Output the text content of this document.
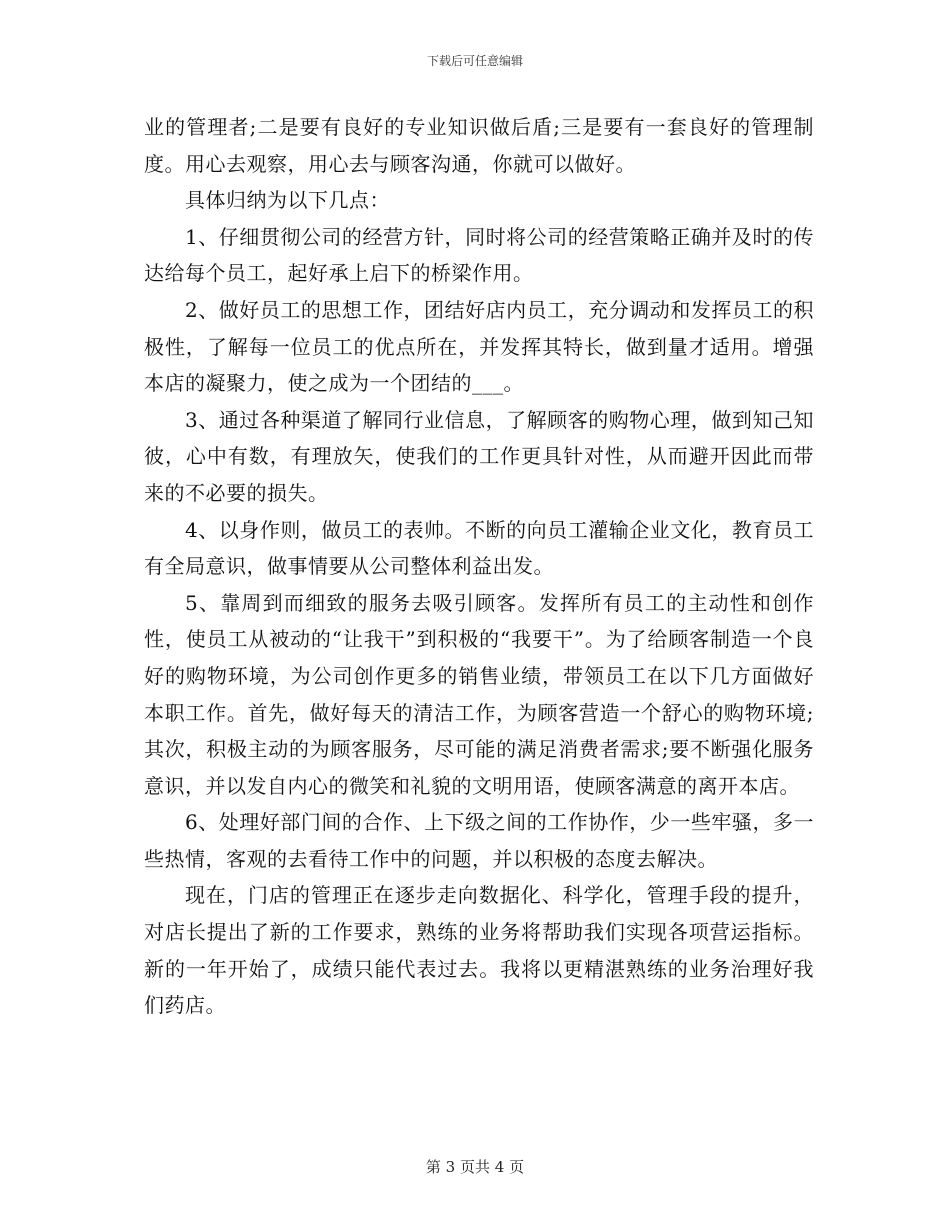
下载后可任意编辑

业的管理者;二是要有良好的专业知识做后盾;三是要有一套良好的管理制度。用心去观察，用心去与顾客沟通，你就可以做好。

具体归纳为以下几点：

1、仔细贯彻公司的经营方针，同时将公司的经营策略正确并及时的传达给每个员工，起好承上启下的桥梁作用。

2、做好员工的思想工作，团结好店内员工，充分调动和发挥员工的积极性，了解每一位员工的优点所在，并发挥其特长，做到量才适用。增强本店的凝聚力，使之成为一个团结的___。

3、通过各种渠道了解同行业信息，了解顾客的购物心理，做到知己知彼，心中有数，有理放矢，使我们的工作更具针对性，从而避开因此而带来的不必要的损失。

4、以身作则，做员工的表帅。不断的向员工灌输企业文化，教育员工有全局意识，做事情要从公司整体利益出发。

5、靠周到而细致的服务去吸引顾客。发挥所有员工的主动性和创作性，使员工从被动的“让我干”到积极的“我要干”。为了给顾客制造一个良好的购物环境，为公司创作更多的销售业绩，带领员工在以下几方面做好本职工作。首先，做好每天的清洁工作，为顾客营造一个舒心的购物环境;其次，积极主动的为顾客服务，尽可能的满足消费者需求;要不断强化服务意识，并以发自内心的微笑和礼貌的文明用语，使顾客满意的离开本店。

6、处理好部门间的合作、上下级之间的工作协作，少一些牢骚，多一些热情，客观的去看待工作中的问题，并以积极的态度去解决。

现在，门店的管理正在逐步走向数据化、科学化，管理手段的提升，对店长提出了新的工作要求，熟练的业务将帮助我们实现各项营运指标。新的一年开始了，成绩只能代表过去。我将以更精湛熟练的业务治理好我们药店。

第 3 页共 4 页
